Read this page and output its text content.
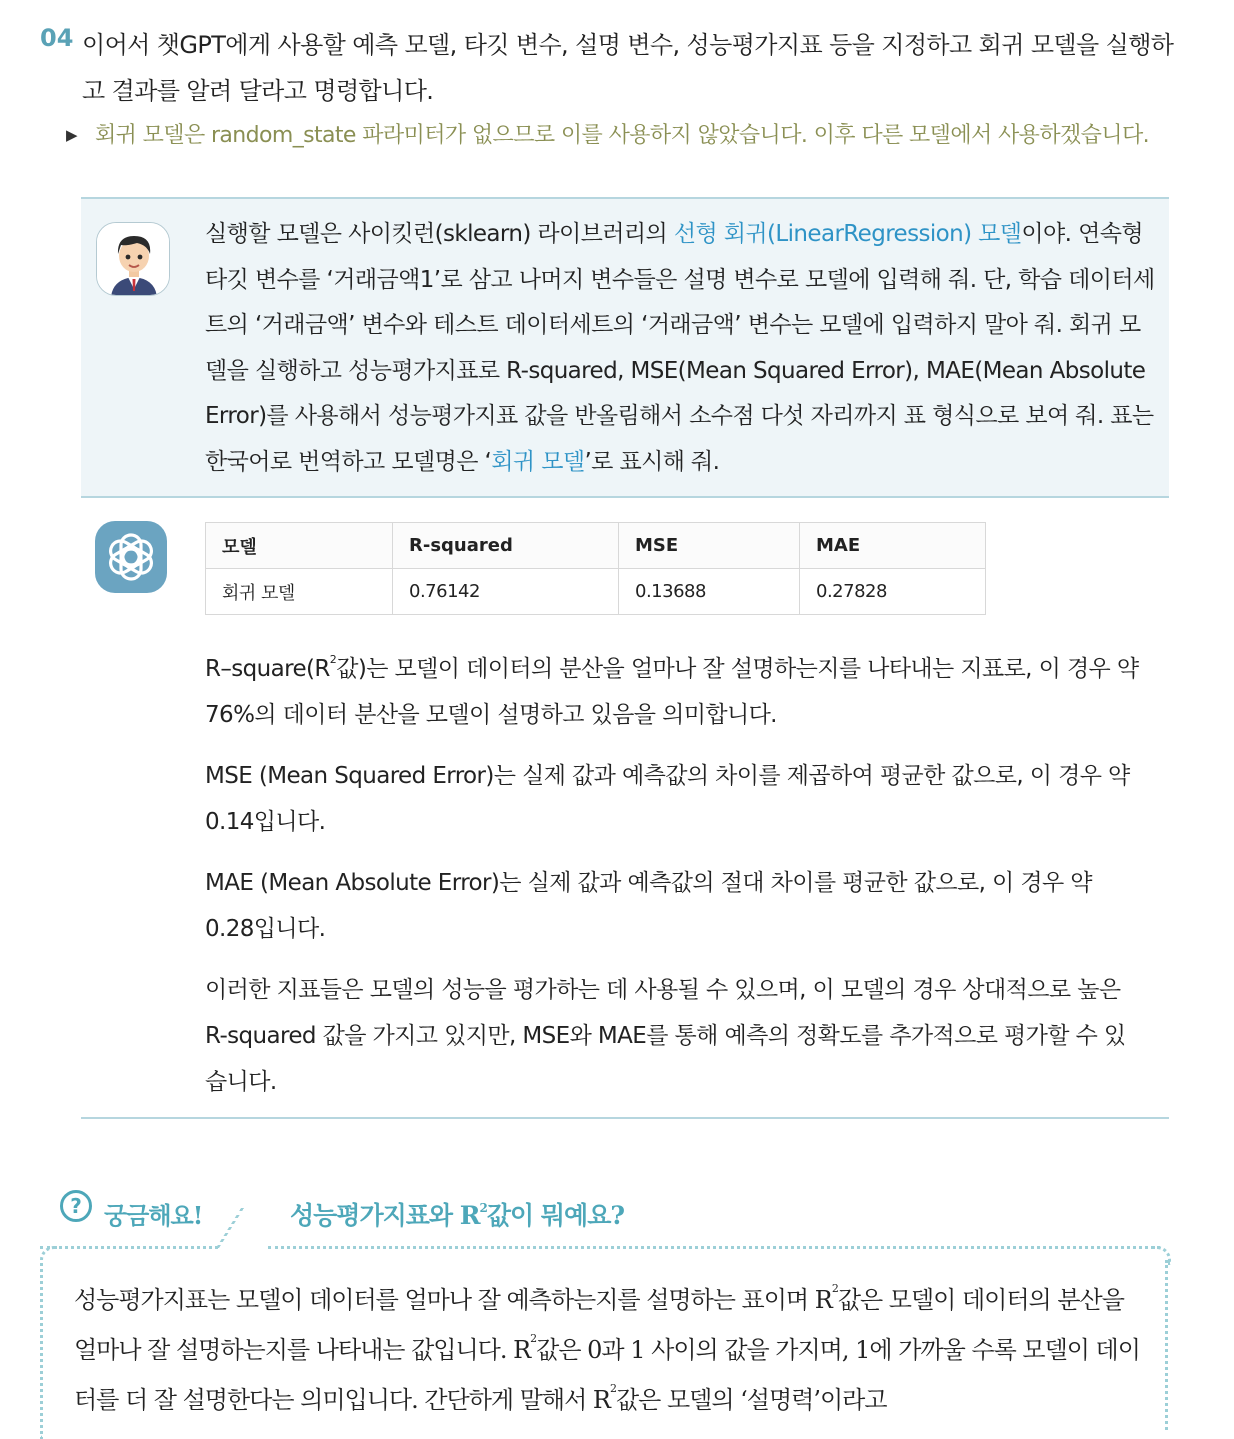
04 이어서 챗GPT에게 사용할 예측 모델, 타깃 변수, 설명 변수, 성능평가지표 등을 지정하고 회귀 모델을 실행하고 결과를 알려 달라고 명령합니다.
▶ 회귀 모델은 random_state 파라미터가 없으므로 이를 사용하지 않았습니다. 이후 다른 모델에서 사용하겠습니다.
실행할 모델은 사이킷런(sklearn) 라이브러리의 선형 회귀(LinearRegression) 모델이야. 연속형 타깃 변수를 ‘거래금액1’로 삼고 나머지 변수들은 설명 변수로 모델에 입력해 줘. 단, 학습 데이터세트의 ‘거래금액’ 변수와 테스트 데이터세트의 ‘거래금액’ 변수는 모델에 입력하지 말아 줘. 회귀 모델을 실행하고 성능평가지표로 R-squared, MSE(Mean Squared Error), MAE(Mean Absolute Error)를 사용해서 성능평가지표 값을 반올림해서 소수점 다섯 자리까지 표 형식으로 보여 줘. 표는 한국어로 번역하고 모델명은 ‘회귀 모델’로 표시해 줘.
모델	R-squared	MSE	MAE
회귀 모델	0.76142	0.13688	0.27828

$R-square(R^2$값)는 모델이 데이터의 분산을 얼마나 잘 설명하는지를 나타내는 지표로, 이 경우 약 76%의 데이터 분산을 모델이 설명하고 있음을 의미합니다.

MSE (Mean Squared Error)는 실제 값과 예측값의 차이를 제곱하여 평균한 값으로, 이 경우 약 0.14입니다.

MAE (Mean Absolute Error)는 실제 값과 예측값의 절대 차이를 평균한 값으로, 이 경우 약 0.28입니다.

이러한 지표들은 모델의 성능을 평가하는 데 사용될 수 있으며, 이 모델의 경우 상대적으로 높은 R-squared 값을 가지고 있지만, MSE와 MAE를 통해 예측의 정확도를 추가적으로 평가할 수 있습니다.

? 궁금해요!	성능평가지표와 $R^2$값이 뭐예요?
성능평가지표는 모델이 데이터를 얼마나 잘 예측하는지를 설명하는 표이며 $R^2$값은 모델이 데이터의 분산을 얼마나 잘 설명하는지를 나타내는 값입니다. $R^2$값은 0과 1 사이의 값을 가지며, 1에 가까울 수록 모델이 데이터를 더 잘 설명한다는 의미입니다. 간단하게 말해서 $R^2$값은 모델의 ‘설명력’이라고
